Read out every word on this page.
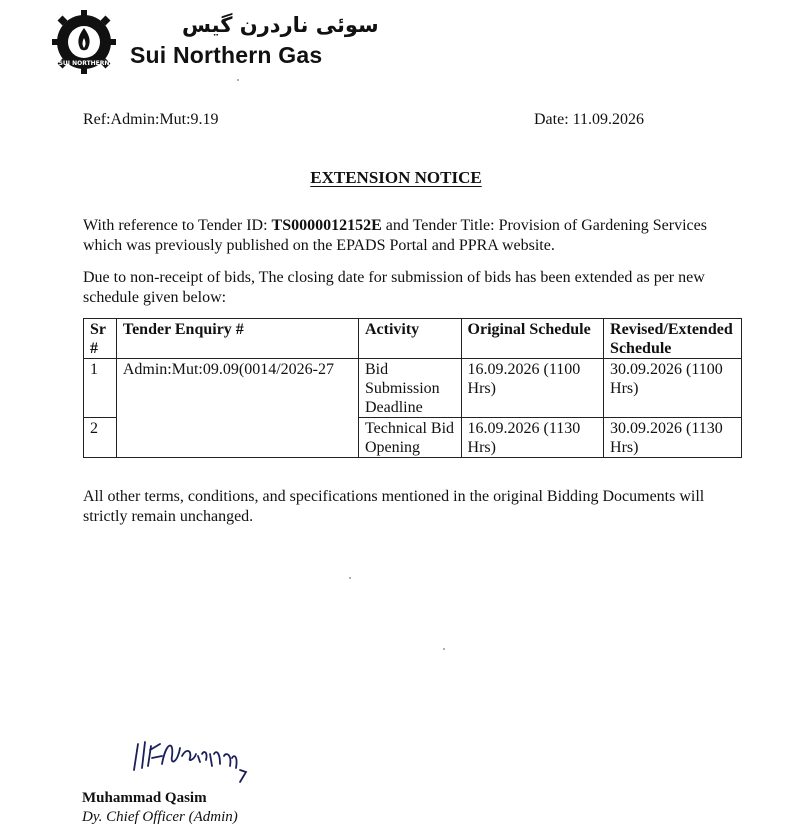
SUI NORTHERN
سوئی ناردرن گیس
Sui Northern Gas
Ref:Admin:Mut:9.19	Date: 11.09.2026
EXTENSION NOTICE
With reference to Tender ID: TS0000012152E and Tender Title: Provision of Gardening Services which was previously published on the EPADS Portal and PPRA website.
Due to non-receipt of bids, The closing date for submission of bids has been extended as per new schedule given below:
Sr #	Tender Enquiry #	Activity	Original Schedule	Revised/Extended Schedule
1	Admin:Mut:09.09(0014/2026-27	Bid Submission Deadline	16.09.2026 (1100 Hrs)	30.09.2026 (1100 Hrs)
2		Technical Bid Opening	16.09.2026 (1130 Hrs)	30.09.2026 (1130 Hrs)
All other terms, conditions, and specifications mentioned in the original Bidding Documents will strictly remain unchanged.
Muhammad Qasim
Dy. Chief Officer (Admin)
